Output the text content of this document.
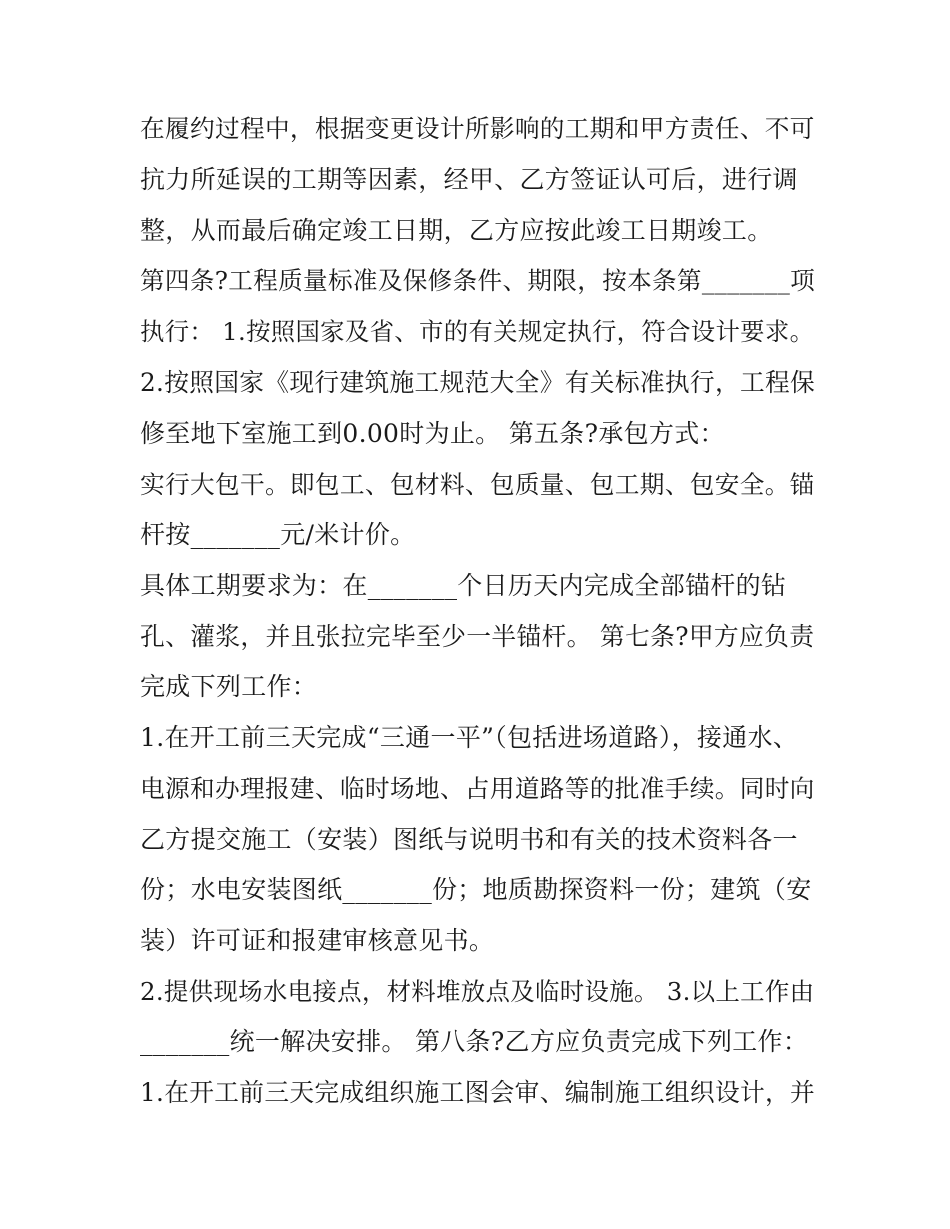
在履约过程中，根据变更设计所影响的工期和甲方责任、不可
抗力所延误的工期等因素，经甲、乙方签证认可后，进行调
整，从而最后确定竣工日期，乙方应按此竣工日期竣工。
第四条?工程质量标准及保修条件、期限，按本条第_______项
执行： 1.按照国家及省、市的有关规定执行，符合设计要求。
2.按照国家《现行建筑施工规范大全》有关标准执行，工程保
修至地下室施工到0.00时为止。 第五条?承包方式：
实行大包干。即包工、包材料、包质量、包工期、包安全。锚
杆按_______元/米计价。
具体工期要求为：在_______个日历天内完成全部锚杆的钻
孔、灌浆，并且张拉完毕至少一半锚杆。 第七条?甲方应负责
完成下列工作：
1.在开工前三天完成“三通一平”（包括进场道路），接通水、
电源和办理报建、临时场地、占用道路等的批准手续。同时向
乙方提交施工（安装）图纸与说明书和有关的技术资料各一
份；水电安装图纸_______份；地质勘探资料一份；建筑（安
装）许可证和报建审核意见书。
2.提供现场水电接点，材料堆放点及临时设施。 3.以上工作由
_______统一解决安排。 第八条?乙方应负责完成下列工作：
1.在开工前三天完成组织施工图会审、编制施工组织设计，并
